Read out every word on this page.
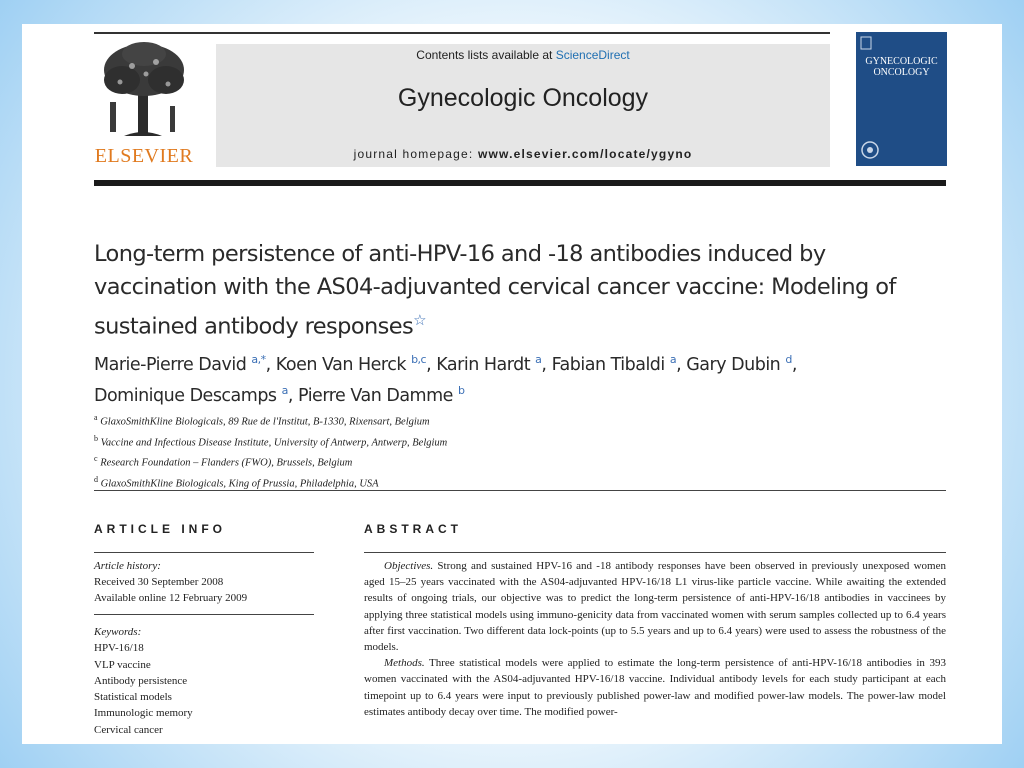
ELSEVIER
Contents lists available at ScienceDirect
Gynecologic Oncology
journal homepage: www.elsevier.com/locate/ygyno
GYNECOLOGIC
ONCOLOGY
Long-term persistence of anti-HPV-16 and -18 antibodies induced by vaccination with the AS04-adjuvanted cervical cancer vaccine: Modeling of sustained antibody responses☆
Marie-Pierre David $^{a,*}$, Koen Van Herck $^{b,c}$, Karin Hardt $^a$, Fabian Tibaldi $^a$, Gary Dubin $^d$,
Dominique Descamps $^a$, Pierre Van Damme $^b$
$^a$ GlaxoSmithKline Biologicals, 89 Rue de l'Institut, B-1330, Rixensart, Belgium
$^b$ Vaccine and Infectious Disease Institute, University of Antwerp, Antwerp, Belgium
$^c$ Research Foundation – Flanders (FWO), Brussels, Belgium
$^d$ GlaxoSmithKline Biologicals, King of Prussia, Philadelphia, USA
ARTICLE INFO	ABSTRACT
Article history:
Received 30 September 2008
Available online 12 February 2009
Keywords:
HPV-16/18
VLP vaccine
Antibody persistence
Statistical models
Immunologic memory
Cervical cancer

Objectives. Strong and sustained HPV-16 and -18 antibody responses have been observed in previously unexposed women aged 15–25 years vaccinated with the AS04-adjuvanted HPV-16/18 L1 virus-like particle vaccine. While awaiting the extended results of ongoing trials, our objective was to predict the long-term persistence of anti-HPV-16/18 antibodies in vaccinees by applying three statistical models using immuno-genicity data from vaccinated women with serum samples collected up to 6.4 years after first vaccination. Two different data lock-points (up to 5.5 years and up to 6.4 years) were used to assess the robustness of the models.

Methods. Three statistical models were applied to estimate the long-term persistence of anti-HPV-16/18 antibodies in 393 women vaccinated with the AS04-adjuvanted HPV-16/18 vaccine. Individual antibody levels for each study participant at each timepoint up to 6.4 years were input to previously published power-law and modified power-law models. The power-law model estimates antibody decay over time. The modified power-
